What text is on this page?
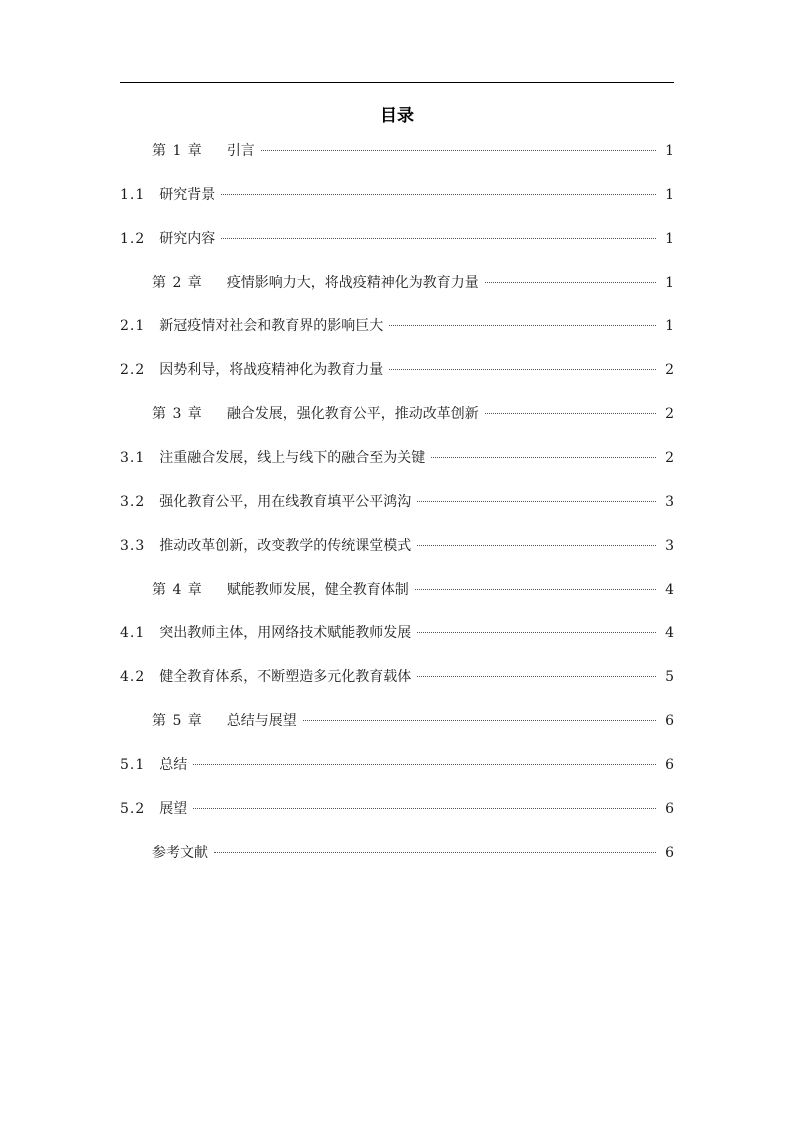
目录
第 1 章 引言	1
1.1 研究背景	1
1.2 研究内容	1
第 2 章 疫情影响力大，将战疫精神化为教育力量	1
2.1 新冠疫情对社会和教育界的影响巨大	1
2.2 因势利导，将战疫精神化为教育力量	2
第 3 章 融合发展，强化教育公平，推动改革创新	2
3.1 注重融合发展，线上与线下的融合至为关键	2
3.2 强化教育公平，用在线教育填平公平鸿沟	3
3.3 推动改革创新，改变教学的传统课堂模式	3
第 4 章 赋能教师发展，健全教育体制	4
4.1 突出教师主体，用网络技术赋能教师发展	4
4.2 健全教育体系，不断塑造多元化教育载体	5
第 5 章 总结与展望	6
5.1 总结	6
5.2 展望	6
参考文献	6
